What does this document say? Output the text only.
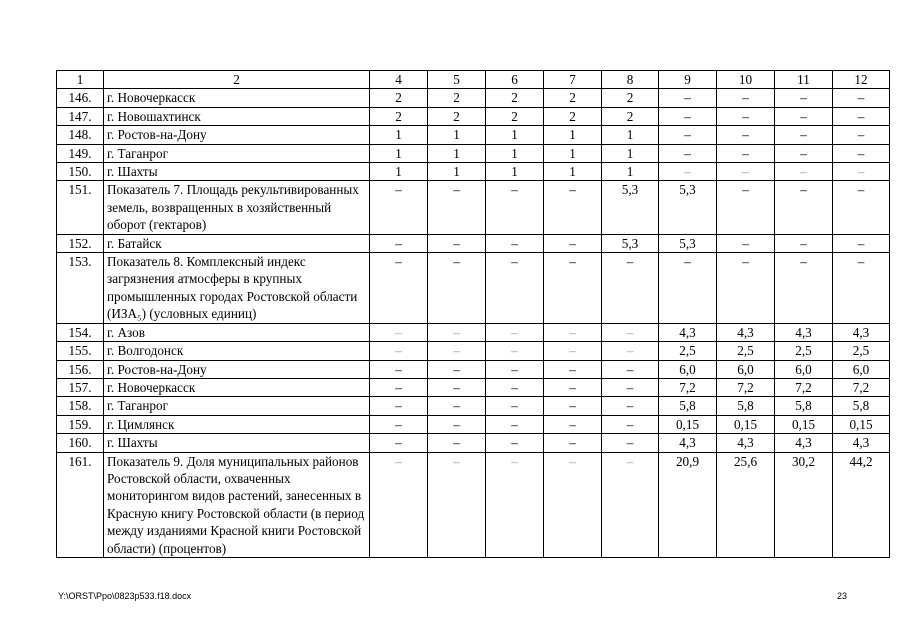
1	2	4	5	6	7	8	9	10	11	12
146.	г. Новочеркасск	2	2	2	2	2	–	–	–	–
147.	г. Новошахтинск	2	2	2	2	2	–	–	–	–
148.	г. Ростов-на-Дону	1	1	1	1	1	–	–	–	–
149.	г. Таганрог	1	1	1	1	1	–	–	–	–
150.	г. Шахты	1	1	1	1	1	–	–	–	–
151.	Показатель 7. Площадь рекультивированных земель, возвращенных в хозяйственный оборот (гектаров)	–	–	–	–	5,3	5,3	–	–	–
152.	г. Батайск	–	–	–	–	5,3	5,3	–	–	–
153.	Показатель 8. Комплексный индекс загрязнения атмосферы в крупных промышленных городах Ростовской области (ИЗА₅) (условных единиц)	–	–	–	–	–	–	–	–	–
154.	г. Азов	–	–	–	–	–	4,3	4,3	4,3	4,3
155.	г. Волгодонск	–	–	–	–	–	2,5	2,5	2,5	2,5
156.	г. Ростов-на-Дону	–	–	–	–	–	6,0	6,0	6,0	6,0
157.	г. Новочеркасск	–	–	–	–	–	7,2	7,2	7,2	7,2
158.	г. Таганрог	–	–	–	–	–	5,8	5,8	5,8	5,8
159.	г. Цимлянск	–	–	–	–	–	0,15	0,15	0,15	0,15
160.	г. Шахты	–	–	–	–	–	4,3	4,3	4,3	4,3
161.	Показатель 9. Доля муниципальных районов Ростовской области, охваченных мониторингом видов растений, занесенных в Красную книгу Ростовской области (в период между изданиями Красной книги Ростовской области) (процентов)	–	–	–	–	–	20,9	25,6	30,2	44,2
Y:\ORST\Ppo\0823p533.f18.docx	23
